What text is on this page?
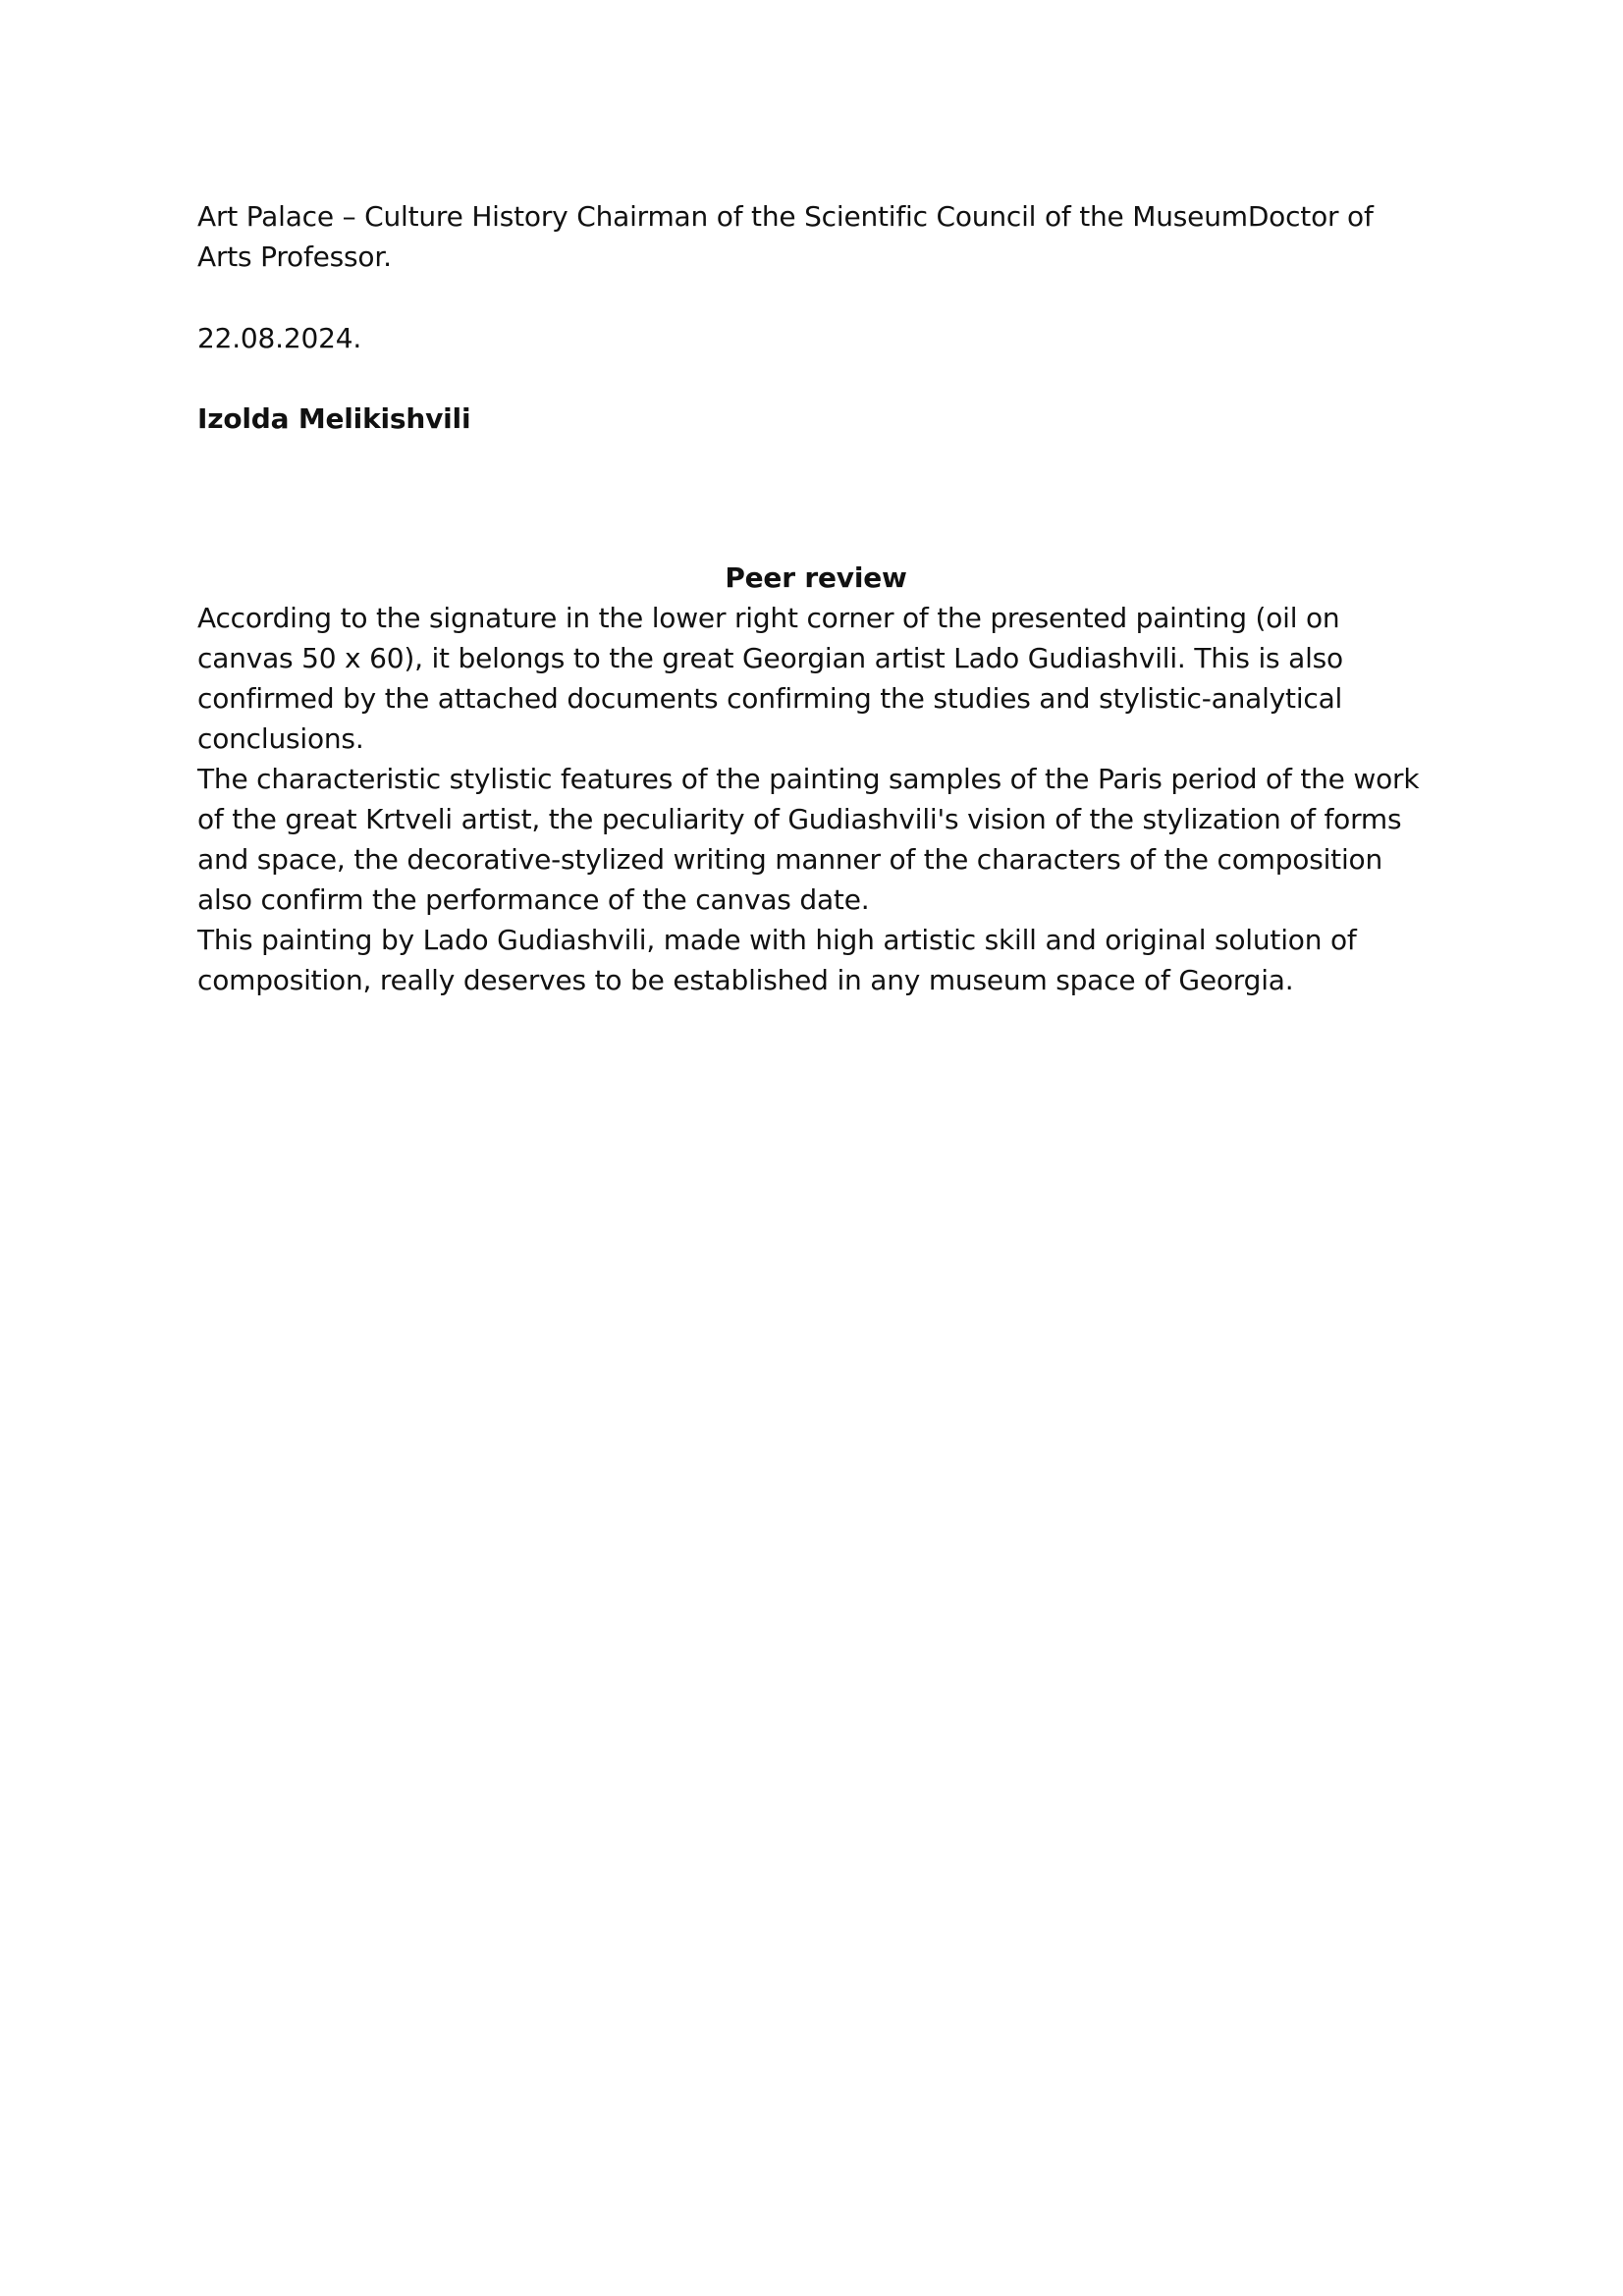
Art Palace – Culture History Chairman of the Scientific Council of the MuseumDoctor of Arts Professor.
22.08.2024.
Izolda Melikishvili

Peer review

According to the signature in the lower right corner of the presented painting (oil on canvas 50 x 60), it belongs to the great Georgian artist Lado Gudiashvili. This is also confirmed by the attached documents confirming the studies and stylistic-analytical conclusions.

The characteristic stylistic features of the painting samples of the Paris period of the work of the great Krtveli artist, the peculiarity of Gudiashvili's vision of the stylization of forms and space, the decorative-stylized writing manner of the characters of the composition also confirm the performance of the canvas date.

This painting by Lado Gudiashvili, made with high artistic skill and original solution of composition, really deserves to be established in any museum space of Georgia.
